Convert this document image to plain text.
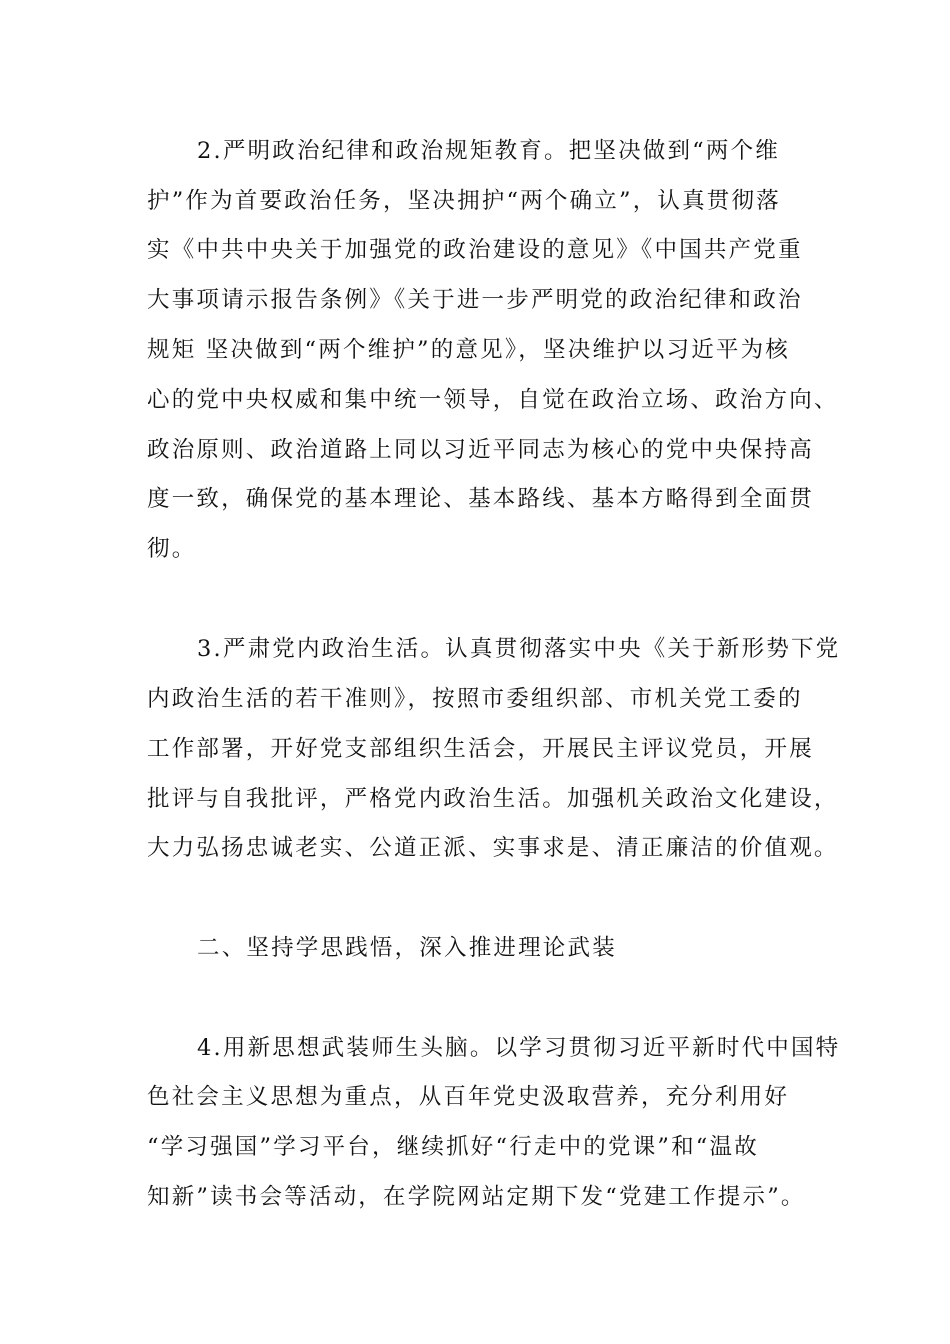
2.严明政治纪律和政治规矩教育。把坚决做到“两个维
护”作为首要政治任务，坚决拥护“两个确立”，认真贯彻落
实《中共中央关于加强党的政治建设的意见》《中国共产党重
大事项请示报告条例》《关于进一步严明党的政治纪律和政治
规矩 坚决做到“两个维护”的意见》，坚决维护以习近平为核
心的党中央权威和集中统一领导，自觉在政治立场、政治方向、
政治原则、政治道路上同以习近平同志为核心的党中央保持高
度一致，确保党的基本理论、基本路线、基本方略得到全面贯
彻。
3.严肃党内政治生活。认真贯彻落实中央《关于新形势下党
内政治生活的若干准则》，按照市委组织部、市机关党工委的
工作部署，开好党支部组织生活会，开展民主评议党员，开展
批评与自我批评，严格党内政治生活。加强机关政治文化建设，
大力弘扬忠诚老实、公道正派、实事求是、清正廉洁的价值观。
二、坚持学思践悟，深入推进理论武装
4.用新思想武装师生头脑。以学习贯彻习近平新时代中国特
色社会主义思想为重点，从百年党史汲取营养，充分利用好
“学习强国”学习平台，继续抓好“行走中的党课”和“温故
知新”读书会等活动，在学院网站定期下发“党建工作提示”。
